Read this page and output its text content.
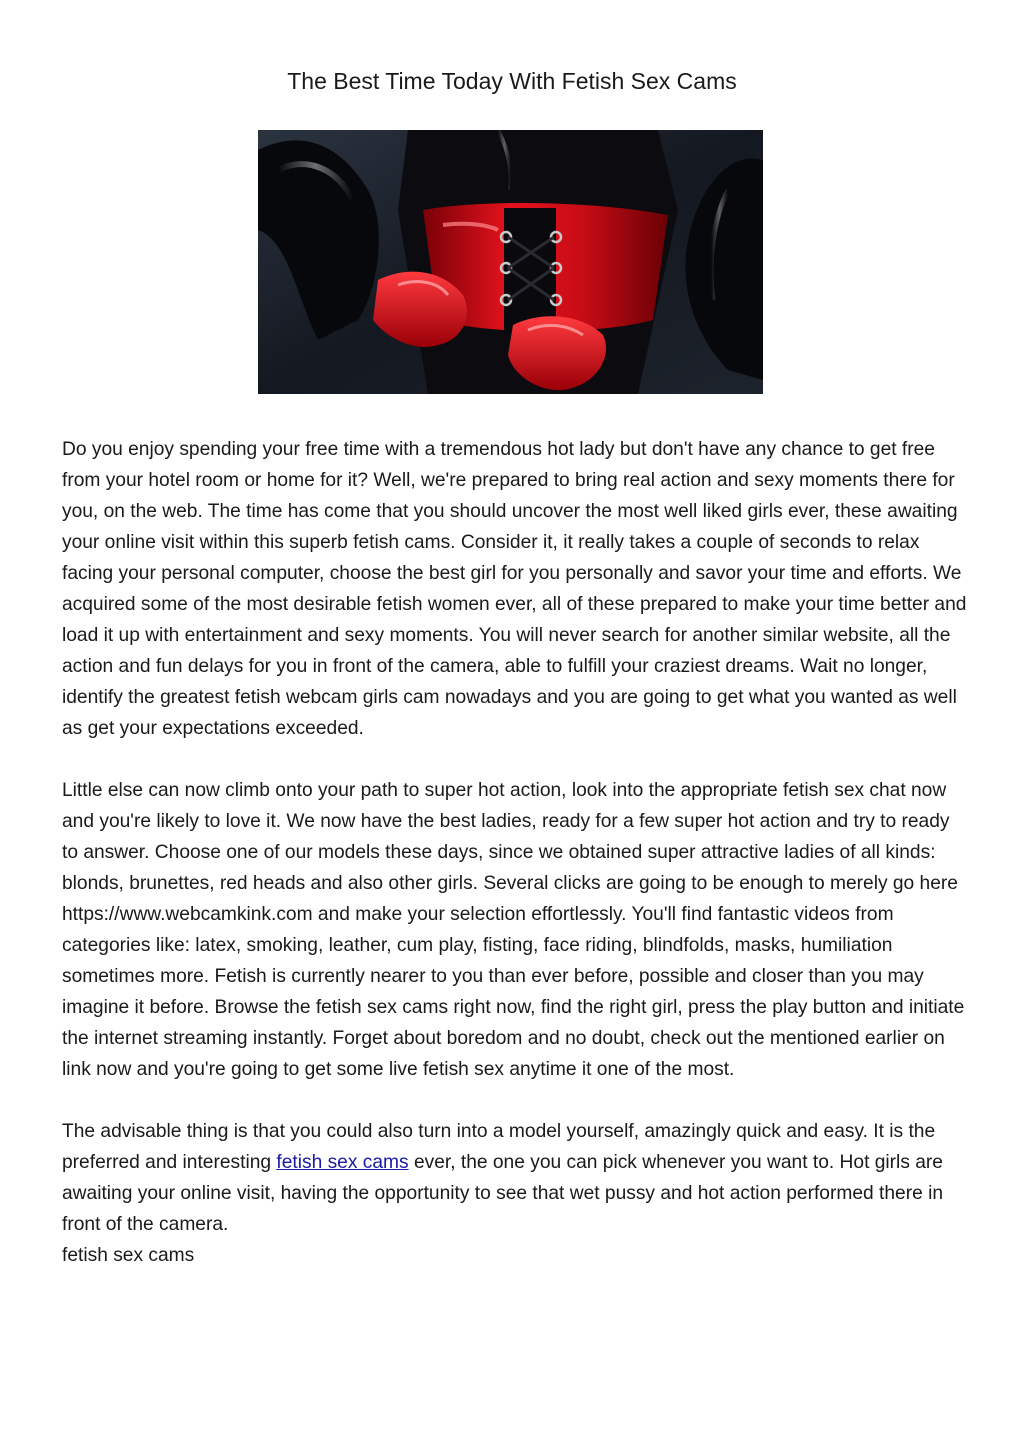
The Best Time Today With Fetish Sex Cams

Do you enjoy spending your free time with a tremendous hot lady but don't have any chance to get free from your hotel room or home for it? Well, we're prepared to bring real action and sexy moments there for you, on the web. The time has come that you should uncover the most well liked girls ever, these awaiting your online visit within this superb fetish cams. Consider it, it really takes a couple of seconds to relax facing your personal computer, choose the best girl for you personally and savor your time and efforts. We acquired some of the most desirable fetish women ever, all of these prepared to make your time better and load it up with entertainment and sexy moments. You will never search for another similar website, all the action and fun delays for you in front of the camera, able to fulfill your craziest dreams. Wait no longer, identify the greatest fetish webcam girls cam nowadays and you are going to get what you wanted as well as get your expectations exceeded.

Little else can now climb onto your path to super hot action, look into the appropriate fetish sex chat now and you're likely to love it. We now have the best ladies, ready for a few super hot action and try to ready to answer. Choose one of our models these days, since we obtained super attractive ladies of all kinds: blonds, brunettes, red heads and also other girls. Several clicks are going to be enough to merely go here https://www.webcamkink.com and make your selection effortlessly. You'll find fantastic videos from categories like: latex, smoking, leather, cum play, fisting, face riding, blindfolds, masks, humiliation sometimes more. Fetish is currently nearer to you than ever before, possible and closer than you may imagine it before. Browse the fetish sex cams right now, find the right girl, press the play button and initiate the internet streaming instantly. Forget about boredom and no doubt, check out the mentioned earlier on link now and you're going to get some live fetish sex anytime it one of the most.

The advisable thing is that you could also turn into a model yourself, amazingly quick and easy. It is the preferred and interesting fetish sex cams ever, the one you can pick whenever you want to. Hot girls are awaiting your online visit, having the opportunity to see that wet pussy and hot action performed there in front of the camera.

fetish sex cams
